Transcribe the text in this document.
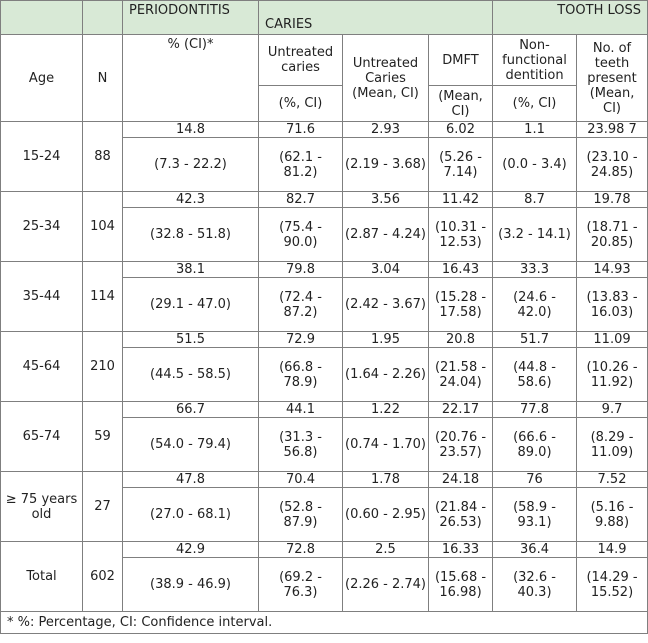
		PERIODONTITIS	CARIES			TOOTH LOSS	
Age	N	% (CI)*	Untreated caries	Untreated Caries (Mean, CI)	DMFT	Non-functional dentition	No. of teeth present (Mean, CI)
			(%, CI)		(Mean, CI)	(%, CI)	
15-24	88	14.8	71.6	2.93	6.02	1.1	23.98 7
		(7.3 - 22.2)	(62.1 - 81.2)	(2.19 - 3.68)	(5.26 - 7.14)	(0.0 - 3.4)	(23.10 - 24.85)
25-34	104	42.3	82.7	3.56	11.42	8.7	19.78
		(32.8 - 51.8)	(75.4 - 90.0)	(2.87 - 4.24)	(10.31 - 12.53)	(3.2 - 14.1)	(18.71 - 20.85)
35-44	114	38.1	79.8	3.04	16.43	33.3	14.93
		(29.1 - 47.0)	(72.4 - 87.2)	(2.42 - 3.67)	(15.28 - 17.58)	(24.6 - 42.0)	(13.83 - 16.03)
45-64	210	51.5	72.9	1.95	20.8	51.7	11.09
		(44.5 - 58.5)	(66.8 - 78.9)	(1.64 - 2.26)	(21.58 - 24.04)	(44.8 - 58.6)	(10.26 - 11.92)
65-74	59	66.7	44.1	1.22	22.17	77.8	9.7
		(54.0 - 79.4)	(31.3 - 56.8)	(0.74 - 1.70)	(20.76 - 23.57)	(66.6 - 89.0)	(8.29 - 11.09)
≥ 75 years old	27	47.8	70.4	1.78	24.18	76	7.52
		(27.0 - 68.1)	(52.8 - 87.9)	(0.60 - 2.95)	(21.84 - 26.53)	(58.9 - 93.1)	(5.16 - 9.88)
Total	602	42.9	72.8	2.5	16.33	36.4	14.9
		(38.9 - 46.9)	(69.2 - 76.3)	(2.26 - 2.74)	(15.68 - 16.98)	(32.6 - 40.3)	(14.29 - 15.52)
* %: Percentage, CI: Confidence interval.							
